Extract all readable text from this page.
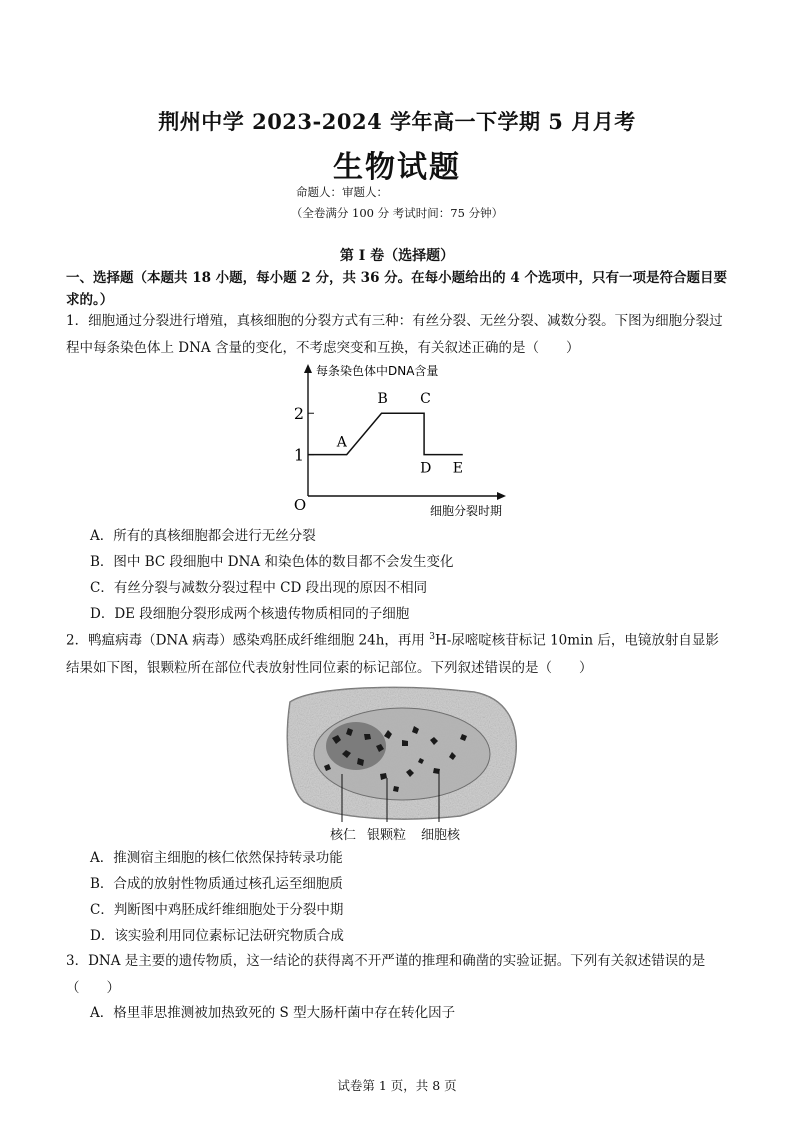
荆州中学 2023-2024 学年高一下学期 5 月月考
生物试题
命题人：审题人：
（全卷满分 100 分 考试时间：75 分钟）
第 I 卷（选择题）
一、选择题（本题共 18 小题，每小题 2 分，共 36 分。在每小题给出的 4 个选项中，只有一项是符合题目要求的。）
1．细胞通过分裂进行增殖，真核细胞的分裂方式有三种：有丝分裂、无丝分裂、减数分裂。下图为细胞分裂过程中每条染色体上 DNA 含量的变化，不考虑突变和互换，有关叙述正确的是（　　）
1
2
A
B C
D E
O
每条染色体中DNA含量
细胞分裂时期
A．所有的真核细胞都会进行无丝分裂
B．图中 BC 段细胞中 DNA 和染色体的数目都不会发生变化
C．有丝分裂与减数分裂过程中 CD 段出现的原因不相同
D．DE 段细胞分裂形成两个核遗传物质相同的子细胞
2．鸭瘟病毒（DNA 病毒）感染鸡胚成纤维细胞 24h，再用 $^3$H-尿嘧啶核苷标记 10min 后，电镜放射自显影结果如下图，银颗粒所在部位代表放射性同位素的标记部位。下列叙述错误的是（　　）
核仁 银颗粒 细胞核
A．推测宿主细胞的核仁依然保持转录功能
B．合成的放射性物质通过核孔运至细胞质
C．判断图中鸡胚成纤维细胞处于分裂中期
D．该实验利用同位素标记法研究物质合成
3．DNA 是主要的遗传物质，这一结论的获得离不开严谨的推理和确凿的实验证据。下列有关叙述错误的是（　　）
A．格里菲思推测被加热致死的 S 型大肠杆菌中存在转化因子
试卷第 1 页，共 8 页
